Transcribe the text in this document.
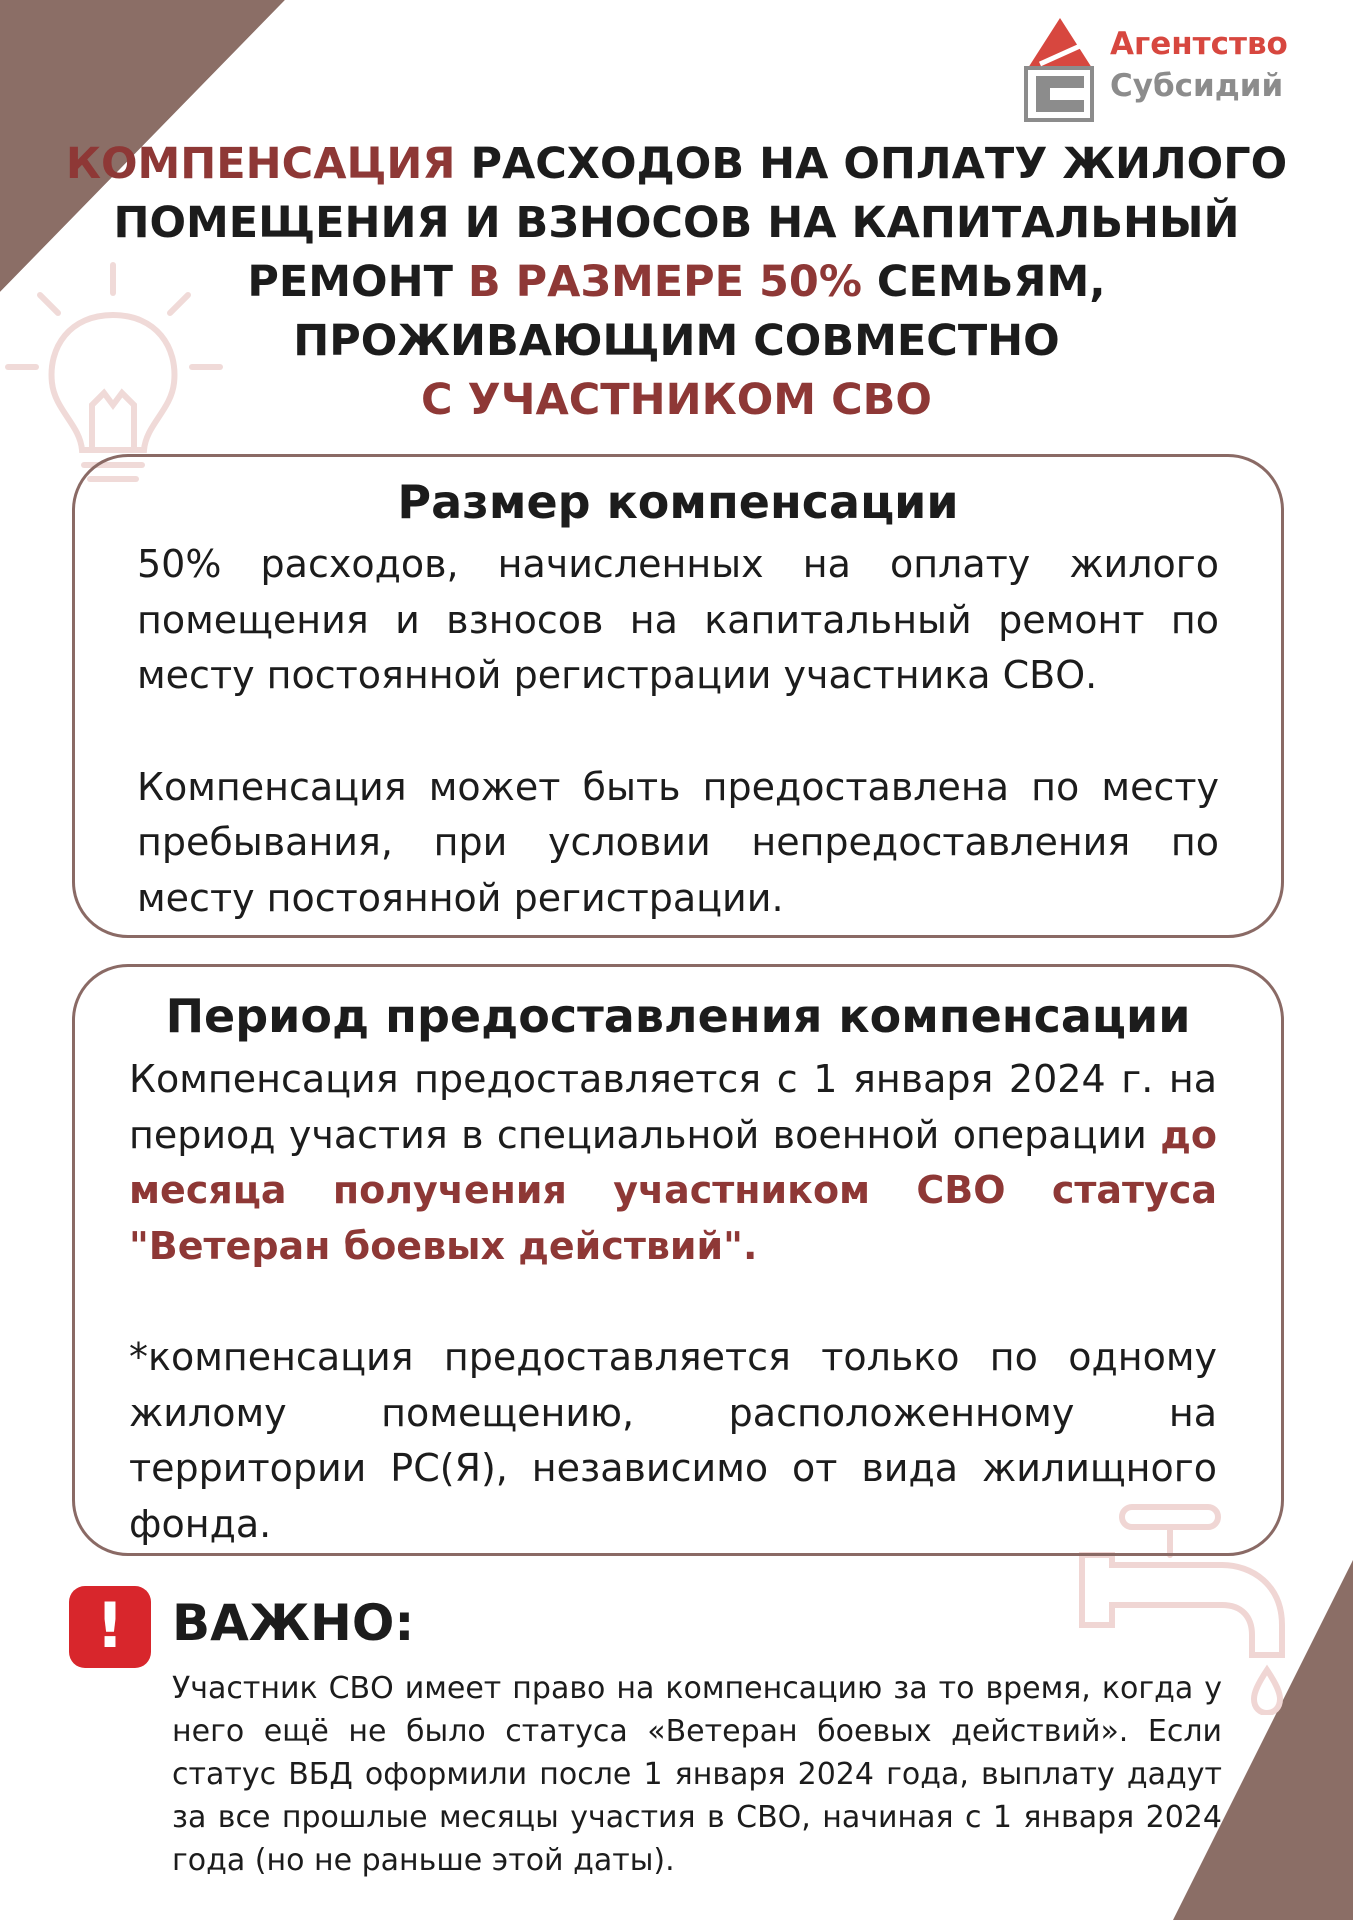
Агентство
Субсидий
КОМПЕНСАЦИЯ РАСХОДОВ НА ОПЛАТУ ЖИЛОГО ПОМЕЩЕНИЯ И ВЗНОСОВ НА КАПИТАЛЬНЫЙ РЕМОНТ В РАЗМЕРЕ 50% СЕМЬЯМ, ПРОЖИВАЮЩИМ СОВМЕСТНО
С УЧАСТНИКОМ СВО
Размер компенсации

50% расходов, начисленных на оплату жилого помещения и взносов на капитальный ремонт по месту постоянной регистрации участника СВО.

Компенсация может быть предоставлена по месту пребывания, при условии непредоставления по месту постоянной регистрации.

Период предоставления компенсации

Компенсация предоставляется с 1 января 2024 г. на период участия в специальной военной операции до месяца получения участником СВО статуса "Ветеран боевых действий".

*компенсация предоставляется только по одному жилому помещению, расположенному на территории РС(Я), независимо от вида жилищного фонда.

! ВАЖНО:
Участник СВО имеет право на компенсацию за то время, когда у него ещё не было статуса «Ветеран боевых действий». Если статус ВБД оформили после 1 января 2024 года, выплату дадут за все прошлые месяцы участия в СВО, начиная с 1 января 2024 года (но не раньше этой даты).
